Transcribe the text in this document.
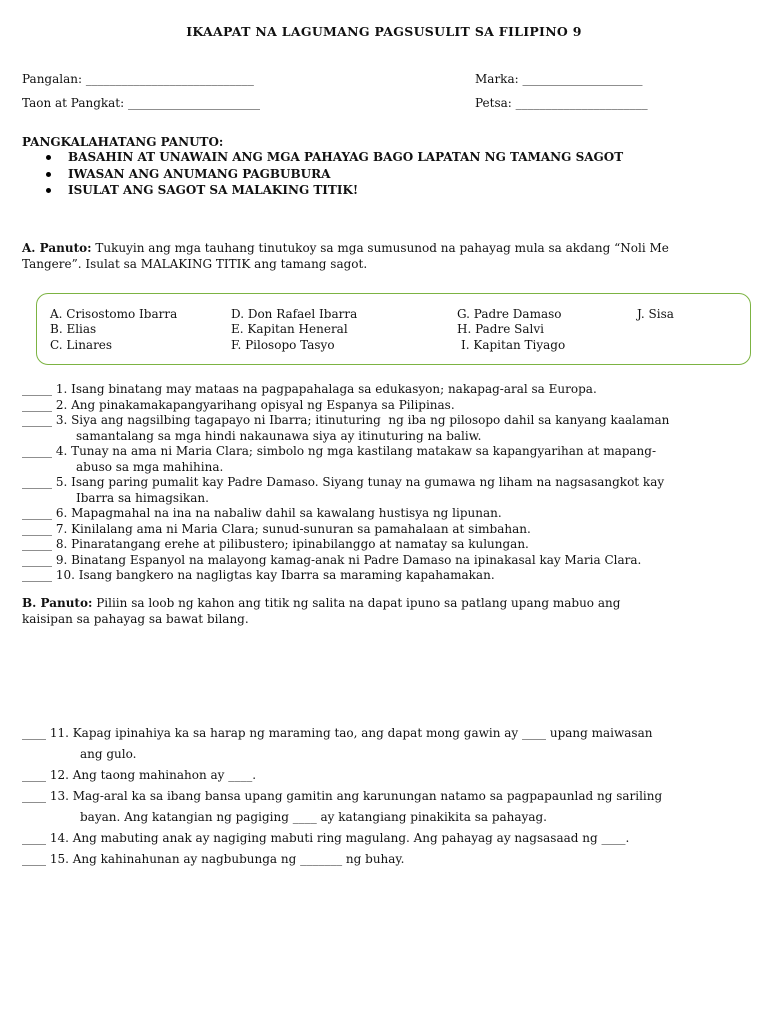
IKAAPAT NA LAGUMANG PAGSUSULIT SA FILIPINO 9
Pangalan: ____________________________	Marka: ____________________
Taon at Pangkat: ______________________	Petsa: ______________________
PANGKALAHATANG PANUTO:
BASAHIN AT UNAWAIN ANG MGA PAHAYAG BAGO LAPATAN NG TAMANG SAGOT
IWASAN ANG ANUMANG PAGBUBURA
ISULAT ANG SAGOT SA MALAKING TITIK!
A. Panuto: Tukuyin ang mga tauhang tinutukoy sa mga sumusunod na pahayag mula sa akdang “Noli Me
Tangere”. Isulat sa MALAKING TITIK ang tamang sagot.
A. Crisostomo Ibarra
B. Elias
C. Linares
D. Don Rafael Ibarra
E. Kapitan Heneral
F. Pilosopo Tasyo
G. Padre Damaso
H. Padre Salvi
I. Kapitan Tiyago
J. Sisa
_____ 1. Isang binatang may mataas na pagpapahalaga sa edukasyon; nakapag-aral sa Europa.
_____ 2. Ang pinakamakapangyarihang opisyal ng Espanya sa Pilipinas.
_____ 3. Siya ang nagsilbing tagapayo ni Ibarra; itinuturing  ng iba ng pilosopo dahil sa kanyang kaalaman
samantalang sa mga hindi nakaunawa siya ay itinuturing na baliw.
_____ 4. Tunay na ama ni Maria Clara; simbolo ng mga kastilang matakaw sa kapangyarihan at mapang-
abuso sa mga mahihina.
_____ 5. Isang paring pumalit kay Padre Damaso. Siyang tunay na gumawa ng liham na nagsasangkot kay
Ibarra sa himagsikan.
_____ 6. Mapagmahal na ina na nabaliw dahil sa kawalang hustisya ng lipunan.
_____ 7. Kinilalang ama ni Maria Clara; sunud-sunuran sa pamahalaan at simbahan.
_____ 8. Pinaratangang erehe at pilibustero; ipinabilanggo at namatay sa kulungan.
_____ 9. Binatang Espanyol na malayong kamag-anak ni Padre Damaso na ipinakasal kay Maria Clara.
_____ 10. Isang bangkero na nagligtas kay Ibarra sa maraming kapahamakan.
B. Panuto: Piliin sa loob ng kahon ang titik ng salita na dapat ipuno sa patlang upang mabuo ang
kaisipan sa pahayag sa bawat bilang.
____ 11. Kapag ipinahiya ka sa harap ng maraming tao, ang dapat mong gawin ay ____ upang maiwasan
ang gulo.
____ 12. Ang taong mahinahon ay ____.
____ 13. Mag-aral ka sa ibang bansa upang gamitin ang karunungan natamo sa pagpapaunlad ng sariling
bayan. Ang katangian ng pagiging ____ ay katangiang pinakikita sa pahayag.
____ 14. Ang mabuting anak ay nagiging mabuti ring magulang. Ang pahayag ay nagsasaad ng ____.
____ 15. Ang kahinahunan ay nagbubunga ng _______ ng buhay.
